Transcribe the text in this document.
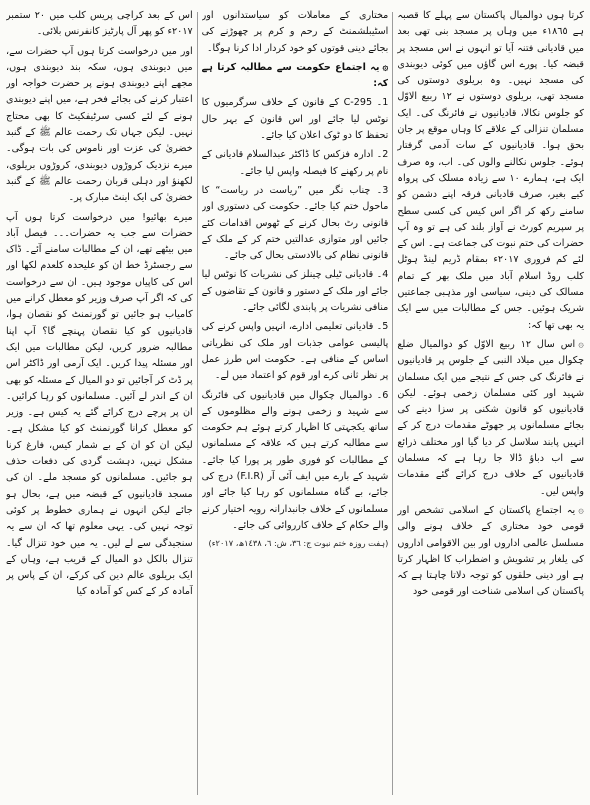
کرتا ہوں دوالمیال پاکستان سے پہلے کا قصبہ ہے ١٨٦٥ء میں وہاں پر مسجد بنی تھی بعد میں قادیانی فتنہ آیا تو انہوں نے اس مسجد پر قبضہ کیا۔ پورے اس گاؤں میں کوئی دیوبندی کی مسجد نہیں۔ وہ بریلوی دوستوں کی مسجد تھی، بریلوی دوستوں نے ١٢ ربیع الاوّل کو جلوس نکالا، قادیانیوں نے فائرنگ کی۔ ایک مسلمان تنزالی کے علاقے کا وہاں موقع پر جان بحق ہوا۔ قادیانیوں کے سات آدمی گرفتار ہوئے۔ جلوس نکالنے والوں کی۔ اب، وہ صرف ایک ہے، ہمارے ١٠ سے زیادہ مسلک کی پرواہ کیے بغیر، صرف قادیانی فرقہ اپنے دشمن کو سامنے رکھ کر اگر اس کیس کی کسی سطح پر سپریم کورٹ نے آواز بلند کی ہے تو وہ آپ حضرات کی ختم نبوت کی جماعت ہے۔ اس کے لئے کم فروری ٢٠١٧ء بمقام ڈریم لینڈ ہوٹل کلب روڈ اسلام آباد میں ملک بھر کے تمام مسالک کی دینی، سیاسی اور مذہبی جماعتیں شریک ہوئیں۔ جس کے مطالبات میں سے ایک یہ بھی تھا کہ:

۞اس سال ١٢ ربیع الاوّل کو دوالمیال ضلع چکوال میں میلاد النبی کے جلوس پر قادیانیوں نے فائرنگ کی جس کے نتیجے میں ایک مسلمان شہید اور کئی مسلمان زخمی ہوئے۔ لیکن قادیانیوں کو قانون شکنی پر سزا دینے کی بجائے مسلمانوں پر جھوٹے مقدمات درج کر کے انہیں پابند سلاسل کر دیا گیا اور مختلف ذرائع سے اب دباؤ ڈالا جا رہا ہے کہ مسلمان قادیانیوں کے خلاف درج کرائے گئے مقدمات واپس لیں۔

۞یہ اجتماع پاکستان کے اسلامی تشخص اور قومی خود مختاری کے خلاف ہونے والی مسلسل عالمی اداروں اور بین الاقوامی اداروں کی یلغار پر تشویش و اضطراب کا اظہار کرتا ہے اور دینی حلقوں کو توجہ دلاتا چاہتا ہے کہ پاکستان کی اسلامی شناخت اور قومی خود

مختاری کے معاملات کو سیاستدانوں اور اسٹیبلشمنٹ کے رحم و کرم پر چھوڑنے کی بجائے دینی قوتوں کو خود کردار ادا کرنا ہوگا۔

۞یہ اجتماع حکومت سے مطالبہ کرتا ہے کہ:

1۔ 295-C کے قانون کے خلاف سرگرمیوں کا نوٹس لیا جائے اور اس قانون کے بہر حال تحفظ کا دو ٹوک اعلان کیا جائے۔

2۔ ادارہ فزکس کا ڈاکٹر عبدالسلام قادیانی کے نام پر رکھنے کا فیصلہ واپس لیا جائے۔

3۔ چناب نگر میں ”ریاست در ریاست“ کا ماحول ختم کیا جائے۔ حکومت کی دستوری اور قانونی رٹ بحال کرنے کے ٹھوس اقدامات کئے جائیں اور متوازی عدالتیں ختم کر کے ملک کے قانونی نظام کی بالادستی بحال کی جائے۔

4۔ قادیانی ٹیلی چینلز کی نشریات کا نوٹس لیا جائے اور ملک کے دستور و قانون کے تقاضوں کے منافی نشریات پر پابندی لگائی جائے۔

5۔ قادیانی تعلیمی ادارے، انہیں واپس کرنے کی پالیسی عوامی جذبات اور ملک کی نظریاتی اساس کے منافی ہے۔ حکومت اس طرز عمل پر نظر ثانی کرے اور قوم کو اعتماد میں لے۔

6۔ دوالمیال چکوال میں قادیانیوں کی فائرنگ سے شہید و زخمی ہونے والے مظلوموں کے ساتھ یکجہتی کا اظہار کرتے ہوئے ہم حکومت سے مطالبہ کرتے ہیں کہ علاقہ کے مسلمانوں کے مطالبات کو فوری طور پر پورا کیا جائے۔ شہید کے بارے میں ایف آئی آر (F.I.R) درج کی جائے، بے گناہ مسلمانوں کو رہا کیا جائے اور مسلمانوں کے خلاف جانبدارانہ رویہ اختیار کرنے والے حکام کے خلاف کارروائی کی جائے۔

(ہفت روزہ ختم نبوت ج: ٣٦، ش: ٦، ١٤٣٨ھ، ٢٠١٧ء)

اس کے بعد کراچی پریس کلب میں ٢٠ ستمبر ٢٠١٧ء کو پھر آل پارٹیز کانفرنس بلائی۔

اور میں درخواست کرتا ہوں آپ حضرات سے، میں دیوبندی ہوں، سکہ بند دیوبندی ہوں، مجھے اپنے دیوبندی ہونے پر حضرت خواجہ اور اعتبار کرنے کی بجائے فخر ہے، میں اپنے دیوبندی ہونے کے لئے کسی سرٹیفکیٹ کا بھی محتاج نہیں۔ لیکن جہاں تک رحمت عالم ﷺ کے گنبد خضریٰ کی عزت اور ناموس کی بات ہوگی۔ میرے نزدیک کروڑوں دیوبندی، کروڑوں بریلوی، لکھنؤ اور دہلی قربان رحمت عالم ﷺ کے گنبد خضریٰ کی ایک اینٹ مبارک پر۔

میرے بھائیو! میں درخواست کرتا ہوں آپ حضرات سے جب یہ حضرات۔۔۔ فیصل آباد میں بیٹھے تھے، ان کے مطالبات سامنے آئے۔ ڈاک سے رجسٹرڈ خط ان کو علیحدہ کلعدم لکھا اور اس کی کاپیاں موجود ہیں۔ ان سے درخواست کی کہ اگر آپ صرف وزیر کو معطل کرانے میں کامیاب ہو جائیں تو گورنمنٹ کو نقصان ہوا، قادیانیوں کو کیا نقصان پہنچے گا؟ آپ اپنا مطالبہ ضرور کریں، لیکن مطالبات میں ایک اور مسئلہ پیدا کریں۔ ایک آرمی اور ڈاکٹر اس پر ڈٹ کر آجائیں تو دو المیال کے مسئلہ کو بھی ان کے اندر لے آئیں۔ مسلمانوں کو رہا کرائیں۔ ان پر پرچے درج کرائے گئے یہ کیس ہے۔ وزیر کو معطل کرانا گورنمنٹ کو کیا مشکل ہے۔ لیکن ان کو ان کے بے شمار کیس، فارغ کرنا مشکل نہیں، دہشت گردی کی دفعات حذف ہو جائیں۔ مسلمانوں کو مسجد ملے۔ ان کی مسجد قادیانیوں کے قبضہ میں ہے، بحال ہو جائے لیکن انہوں نے ہماری خطوط پر کوئی توجہ نہیں کی۔ یہی معلوم تھا کہ ان سے یہ سنجیدگی سے لے لیں۔ یہ میں خود تنزال گیا۔ تنزال بالکل دو المیال کے قریب ہے، وہاں کے ایک بریلوی عالم دین کی کرکے، ان کے پاس پر آمادہ کر کے کس کو آمادہ کیا
